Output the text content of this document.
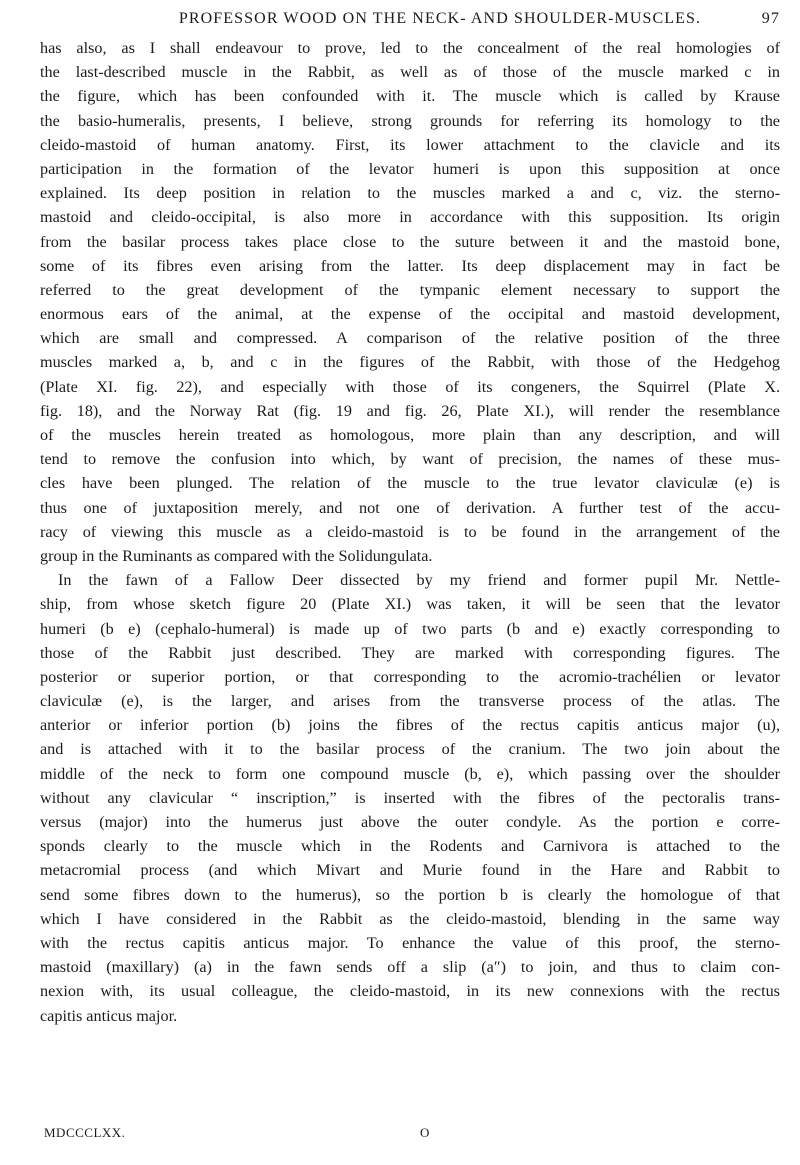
PROFESSOR WOOD ON THE NECK- AND SHOULDER-MUSCLES.	97
has also, as I shall endeavour to prove, led to the concealment of the real homologies of
the last-described muscle in the Rabbit, as well as of those of the muscle marked c in
the figure, which has been confounded with it. The muscle which is called by Krause
the basio-humeralis, presents, I believe, strong grounds for referring its homology to the
cleido-mastoid of human anatomy. First, its lower attachment to the clavicle and its
participation in the formation of the levator humeri is upon this supposition at once
explained. Its deep position in relation to the muscles marked a and c, viz. the sterno-
mastoid and cleido-occipital, is also more in accordance with this supposition. Its origin
from the basilar process takes place close to the suture between it and the mastoid bone,
some of its fibres even arising from the latter. Its deep displacement may in fact be
referred to the great development of the tympanic element necessary to support the
enormous ears of the animal, at the expense of the occipital and mastoid development,
which are small and compressed. A comparison of the relative position of the three
muscles marked a, b, and c in the figures of the Rabbit, with those of the Hedgehog
(Plate XI. fig. 22), and especially with those of its congeners, the Squirrel (Plate X.
fig. 18), and the Norway Rat (fig. 19 and fig. 26, Plate XI.), will render the resemblance
of the muscles herein treated as homologous, more plain than any description, and will
tend to remove the confusion into which, by want of precision, the names of these mus-
cles have been plunged. The relation of the muscle to the true levator claviculæ (e) is
thus one of juxtaposition merely, and not one of derivation. A further test of the accu-
racy of viewing this muscle as a cleido-mastoid is to be found in the arrangement of the
group in the Ruminants as compared with the Solidungulata.
In the fawn of a Fallow Deer dissected by my friend and former pupil Mr. Nettle-
ship, from whose sketch figure 20 (Plate XI.) was taken, it will be seen that the levator
humeri (b e) (cephalo-humeral) is made up of two parts (b and e) exactly corresponding to
those of the Rabbit just described. They are marked with corresponding figures. The
posterior or superior portion, or that corresponding to the acromio-trachélien or levator
claviculæ (e), is the larger, and arises from the transverse process of the atlas. The
anterior or inferior portion (b) joins the fibres of the rectus capitis anticus major (u),
and is attached with it to the basilar process of the cranium. The two join about the
middle of the neck to form one compound muscle (b, e), which passing over the shoulder
without any clavicular “ inscription,” is inserted with the fibres of the pectoralis trans-
versus (major) into the humerus just above the outer condyle. As the portion e corre-
sponds clearly to the muscle which in the Rodents and Carnivora is attached to the
metacromial process (and which Mivart and Murie found in the Hare and Rabbit to
send some fibres down to the humerus), so the portion b is clearly the homologue of that
which I have considered in the Rabbit as the cleido-mastoid, blending in the same way
with the rectus capitis anticus major. To enhance the value of this proof, the sterno-
mastoid (maxillary) (a) in the fawn sends off a slip (a″) to join, and thus to claim con-
nexion with, its usual colleague, the cleido-mastoid, in its new connexions with the rectus
capitis anticus major.
MDCCCLXX.	O
